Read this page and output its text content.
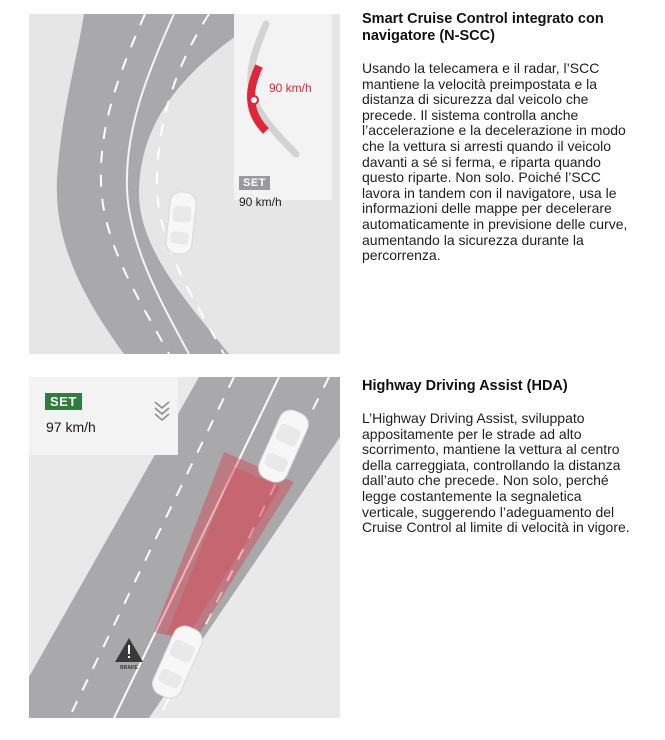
90 km/h
SET
90 km/h
Smart Cruise Control integrato con navigatore (N-SCC)

Usando la telecamera e il radar, l’SCC mantiene la velocità preimpostata e la distanza di sicurezza dal veicolo che precede. Il sistema controlla anche l’accelerazione e la decelerazione in modo che la vettura si arresti quando il veicolo davanti a sé si ferma, e riparta quando questo riparte. Non solo. Poiché l’SCC lavora in tandem con il navigatore, usa le informazioni delle mappe per decelerare automaticamente in previsione delle curve, aumentando la sicurezza durante la percorrenza.

BRAKE
SET
97 km/h
Highway Driving Assist (HDA)

L’Highway Driving Assist, sviluppato appositamente per le strade ad alto scorrimento, mantiene la vettura al centro della carreggiata, controllando la distanza dall’auto che precede. Non solo, perché legge costantemente la segnaletica verticale, suggerendo l’adeguamento del Cruise Control al limite di velocità in vigore.
